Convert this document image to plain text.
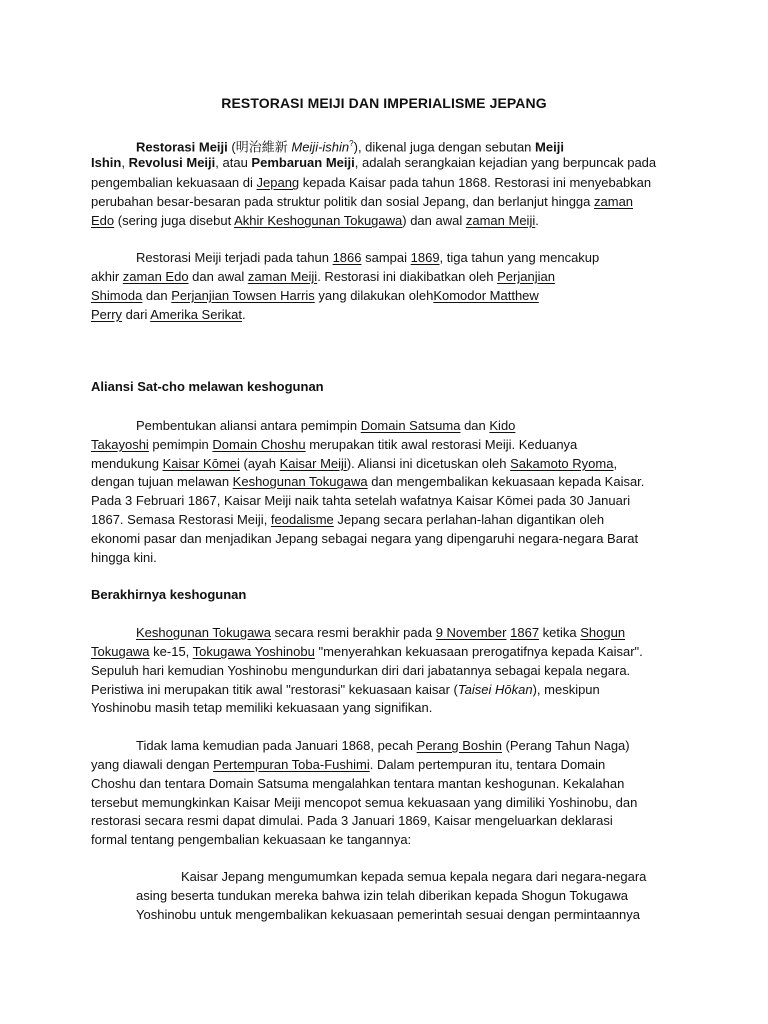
RESTORASI MEIJI DAN IMPERIALISME JEPANG
Restorasi Meiji (明治維新 Meiji-ishin?), dikenal juga dengan sebutan Meiji
Ishin, Revolusi Meiji, atau Pembaruan Meiji, adalah serangkaian kejadian yang berpuncak pada
pengembalian kekuasaan di Jepang kepada Kaisar pada tahun 1868. Restorasi ini menyebabkan
perubahan besar-besaran pada struktur politik dan sosial Jepang, dan berlanjut hingga zaman
Edo (sering juga disebut Akhir Keshogunan Tokugawa) dan awal zaman Meiji.
Restorasi Meiji terjadi pada tahun 1866 sampai 1869, tiga tahun yang mencakup
akhir zaman Edo dan awal zaman Meiji. Restorasi ini diakibatkan oleh Perjanjian
Shimoda dan Perjanjian Towsen Harris yang dilakukan olehKomodor Matthew
Perry dari Amerika Serikat.
Aliansi Sat-cho melawan keshogunan
Pembentukan aliansi antara pemimpin Domain Satsuma dan Kido
Takayoshi pemimpin Domain Choshu merupakan titik awal restorasi Meiji. Keduanya
mendukung Kaisar Kōmei (ayah Kaisar Meiji). Aliansi ini dicetuskan oleh Sakamoto Ryoma,
dengan tujuan melawan Keshogunan Tokugawa dan mengembalikan kekuasaan kepada Kaisar.
Pada 3 Februari 1867, Kaisar Meiji naik tahta setelah wafatnya Kaisar Kōmei pada 30 Januari
1867. Semasa Restorasi Meiji, feodalisme Jepang secara perlahan-lahan digantikan oleh
ekonomi pasar dan menjadikan Jepang sebagai negara yang dipengaruhi negara-negara Barat
hingga kini.
Berakhirnya keshogunan
Keshogunan Tokugawa secara resmi berakhir pada 9 November 1867 ketika Shogun
Tokugawa ke-15, Tokugawa Yoshinobu "menyerahkan kekuasaan prerogatifnya kepada Kaisar".
Sepuluh hari kemudian Yoshinobu mengundurkan diri dari jabatannya sebagai kepala negara.
Peristiwa ini merupakan titik awal "restorasi" kekuasaan kaisar (Taisei Hōkan), meskipun
Yoshinobu masih tetap memiliki kekuasaan yang signifikan.
Tidak lama kemudian pada Januari 1868, pecah Perang Boshin (Perang Tahun Naga)
yang diawali dengan Pertempuran Toba-Fushimi. Dalam pertempuran itu, tentara Domain
Choshu dan tentara Domain Satsuma mengalahkan tentara mantan keshogunan. Kekalahan
tersebut memungkinkan Kaisar Meiji mencopot semua kekuasaan yang dimiliki Yoshinobu, dan
restorasi secara resmi dapat dimulai. Pada 3 Januari 1869, Kaisar mengeluarkan deklarasi
formal tentang pengembalian kekuasaan ke tangannya:
Kaisar Jepang mengumumkan kepada semua kepala negara dari negara-negara
asing beserta tundukan mereka bahwa izin telah diberikan kepada Shogun Tokugawa
Yoshinobu untuk mengembalikan kekuasaan pemerintah sesuai dengan permintaannya
